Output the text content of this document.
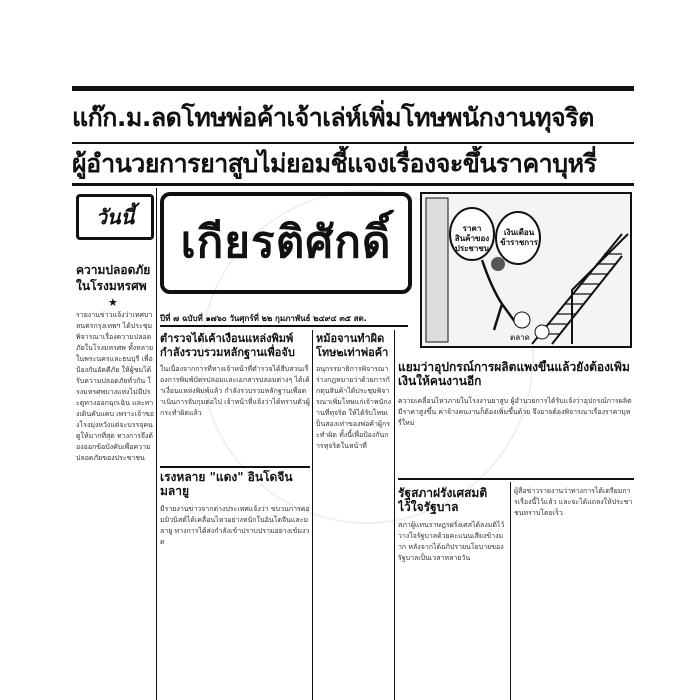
แก๊ก.ม.ลดโทษพ่อค้าเจ้าเล่ห์เพิ่มโทษพนักงานทุจริต
ผู้อำนวยการยาสูบไม่ยอมชี้แจงเรื่องจะขึ้นราคาบุหรี่
วันนี้
ความปลอดภัยในโรงมหรศพ
★
รายงานข่าวแจ้งว่าเทศบาลนครกรุงเทพฯ ได้ประชุมพิจารณาเรื่องความปลอดภัยในโรงมหรศพ ทั้งหลายในพระนครและธนบุรี เพื่อป้องกันอัคคีภัย ให้ผู้ชมได้รับความปลอดภัยทั่วกัน โรงมหรศพบางแห่งไม่มีประตูทางออกฉุกเฉิน และทางเดินคับแคบ เพราะเจ้าของโรงมุ่งหวังแต่จะบรรจุคนดูให้มากที่สุด ทางการจึงต้องออกข้อบังคับเพื่อความปลอดภัยของประชาชน
เกียรติศักดิ์
ปีที่ ๗ ฉบับที่ ๑๗๖๐ วันศุกร์ที่ ๒๒ กุมภาพันธ์ ๒๔๙๔ ๓๕ สต.
ตลาด
ราคาสินค้าของประชาชน
เงินเดือนข้าราชการ
ตำรวจได้เค้าเงื่อนแหล่งพิมพ์กำลังรวบรวมหลักฐานเพื่อจับ
ในเนื่องจากการที่ทางเจ้าหน้าที่ตำรวจได้สืบสวนเรื่องการพิมพ์บัตรปลอมและเอกสารปลอมต่างๆ ได้เค้าเงื่อนแหล่งพิมพ์แล้ว กำลังรวบรวมหลักฐานเพื่อดำเนินการจับกุมต่อไป เจ้าหน้าที่แจ้งว่าได้ทราบตัวผู้กระทำผิดแล้ว
เรงหลาย "แดง" อินโดจีนมลายู
มีรายงานข่าวจากต่างประเทศแจ้งว่า ขบวนการคอมมิวนิสต์ได้เคลื่อนไหวอย่างหนักในอินโดจีนและมลายู ทางการได้ส่งกำลังเข้าปราบปรามอย่างเข้มงวด
หม้อจานทำผิดโทษ๒เท่าพ่อค้า
อนุกรรมาธิการพิจารณาร่างกฎหมายว่าด้วยการกักตุนสินค้าได้ประชุมพิจารณาเพิ่มโทษแก่เจ้าพนักงานที่ทุจริต ให้ได้รับโทษเป็นสองเท่าของพ่อค้าผู้กระทำผิด ทั้งนี้เพื่อป้องกันการทุจริตในหน้าที่
แยมว่าอุปกรณ์การผลิตแพงขึ้นแล้วยังต้องเพิ่มเงินให้คนงานอีก
ความเคลื่อนไหวภายในโรงงานยาสูบ ผู้อำนวยการได้รับแจ้งว่าอุปกรณ์การผลิตมีราคาสูงขึ้น ค่าจ้างคนงานก็ต้องเพิ่มขึ้นด้วย จึงอาจต้องพิจารณาเรื่องราคาบุหรี่ใหม่
รัฐสภาฝรั่งเศสมติไว้ใจรัฐบาล
สภาผู้แทนราษฎรฝรั่งเศสได้ลงมติไว้วางใจรัฐบาลด้วยคะแนนเสียงข้างมาก หลังจากได้อภิปรายนโยบายของรัฐบาลเป็นเวลาหลายวัน
ผู้สื่อข่าวรายงานว่าทางการได้เตรียมการเรื่องนี้ไว้แล้ว และจะได้แถลงให้ประชาชนทราบโดยเร็ว
